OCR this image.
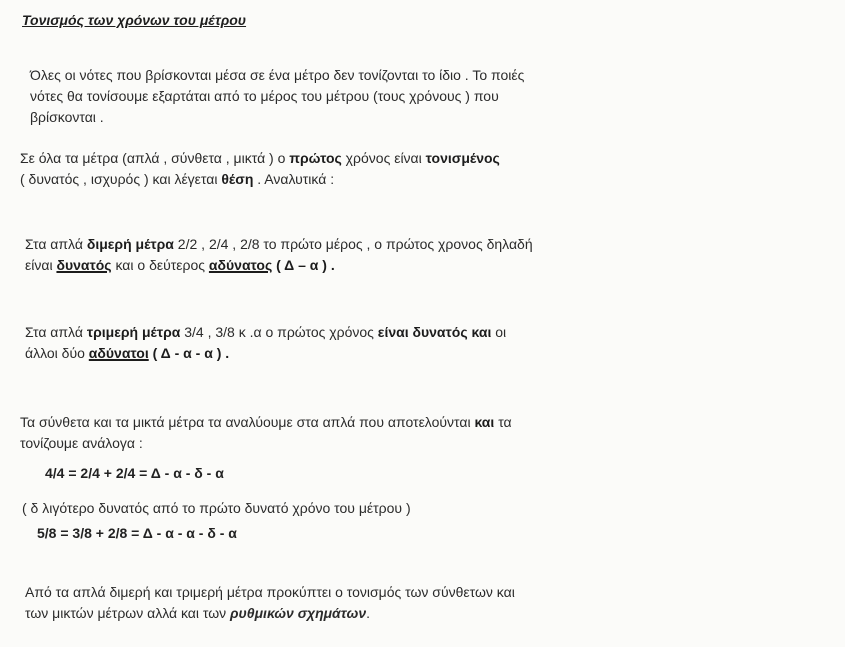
Τονισμός των χρόνων του μέτρου
Όλες οι νότες που βρίσκονται μέσα σε ένα μέτρο δεν τονίζονται το ίδιο . Το ποιές
νότες θα τονίσουμε εξαρτάται από το μέρος του μέτρου (τους χρόνους ) που
βρίσκονται .
Σε όλα τα μέτρα (απλά , σύνθετα , μικτά ) ο πρώτος χρόνος είναι τονισμένος
( δυνατός , ισχυρός ) και λέγεται θέση . Αναλυτικά :
Στα απλά διμερή μέτρα 2/2 , 2/4 , 2/8 το πρώτο μέρος , ο πρώτος χρονος δηλαδή
είναι δυνατός και ο δεύτερος αδύνατος ( Δ – α ) .
Στα απλά τριμερή μέτρα 3/4 , 3/8 κ .α ο πρώτος χρόνος είναι δυνατός και οι
άλλοι δύο αδύνατοι ( Δ - α - α ) .
Τα σύνθετα και τα μικτά μέτρα τα αναλύουμε στα απλά που αποτελούνται και τα
τονίζουμε ανάλογα :
4/4 = 2/4 + 2/4 = Δ - α - δ - α
( δ λιγότερο δυνατός από το πρώτο δυνατό χρόνο του μέτρου )
5/8 = 3/8 + 2/8 = Δ - α - α - δ - α
Από τα απλά διμερή και τριμερή μέτρα προκύπτει ο τονισμός των σύνθετων και
των μικτών μέτρων αλλά και των ρυθμικών σχημάτων.
